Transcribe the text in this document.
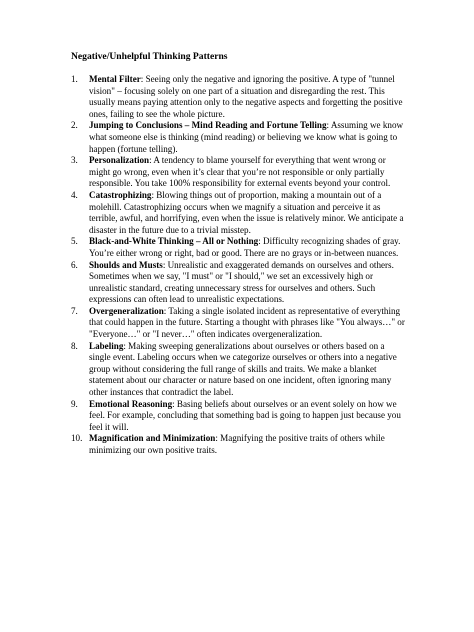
Negative/Unhelpful Thinking Patterns
1.	Mental Filter: Seeing only the negative and ignoring the positive. A type of "tunnel vision" – focusing solely on one part of a situation and disregarding the rest. This usually means paying attention only to the negative aspects and forgetting the positive ones, failing to see the whole picture.
2.	Jumping to Conclusions – Mind Reading and Fortune Telling: Assuming we know what someone else is thinking (mind reading) or believing we know what is going to happen (fortune telling).
3.	Personalization: A tendency to blame yourself for everything that went wrong or might go wrong, even when it’s clear that you’re not responsible or only partially responsible. You take 100% responsibility for external events beyond your control.
4.	Catastrophizing: Blowing things out of proportion, making a mountain out of a molehill. Catastrophizing occurs when we magnify a situation and perceive it as terrible, awful, and horrifying, even when the issue is relatively minor. We anticipate a disaster in the future due to a trivial misstep.
5.	Black-and-White Thinking – All or Nothing: Difficulty recognizing shades of gray. You’re either wrong or right, bad or good. There are no grays or in-between nuances.
6.	Shoulds and Musts: Unrealistic and exaggerated demands on ourselves and others. Sometimes when we say, "I must" or "I should," we set an excessively high or unrealistic standard, creating unnecessary stress for ourselves and others. Such expressions can often lead to unrealistic expectations.
7.	Overgeneralization: Taking a single isolated incident as representative of everything that could happen in the future. Starting a thought with phrases like "You always…" or "Everyone…" or "I never…" often indicates overgeneralization.
8.	Labeling: Making sweeping generalizations about ourselves or others based on a single event. Labeling occurs when we categorize ourselves or others into a negative group without considering the full range of skills and traits. We make a blanket statement about our character or nature based on one incident, often ignoring many other instances that contradict the label.
9.	Emotional Reasoning: Basing beliefs about ourselves or an event solely on how we feel. For example, concluding that something bad is going to happen just because you feel it will.
10. Magnification and Minimization: Magnifying the positive traits of others while minimizing our own positive traits.
